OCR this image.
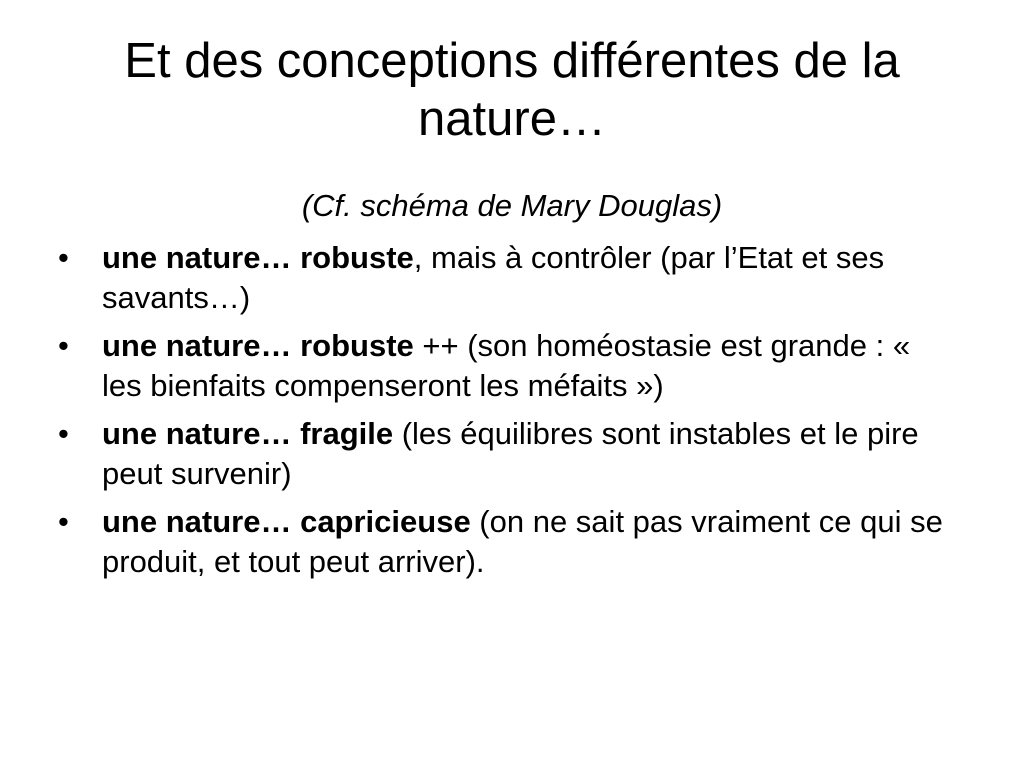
Et des conceptions différentes de la nature…
(Cf. schéma de Mary Douglas)
• une nature… robuste, mais à contrôler (par l’Etat et ses savants…)
• une nature… robuste ++ (son homéostasie est grande : « les bienfaits compenseront les méfaits »)
• une nature… fragile (les équilibres sont instables et le pire peut survenir)
• une nature… capricieuse (on ne sait pas vraiment ce qui se produit, et tout peut arriver).
